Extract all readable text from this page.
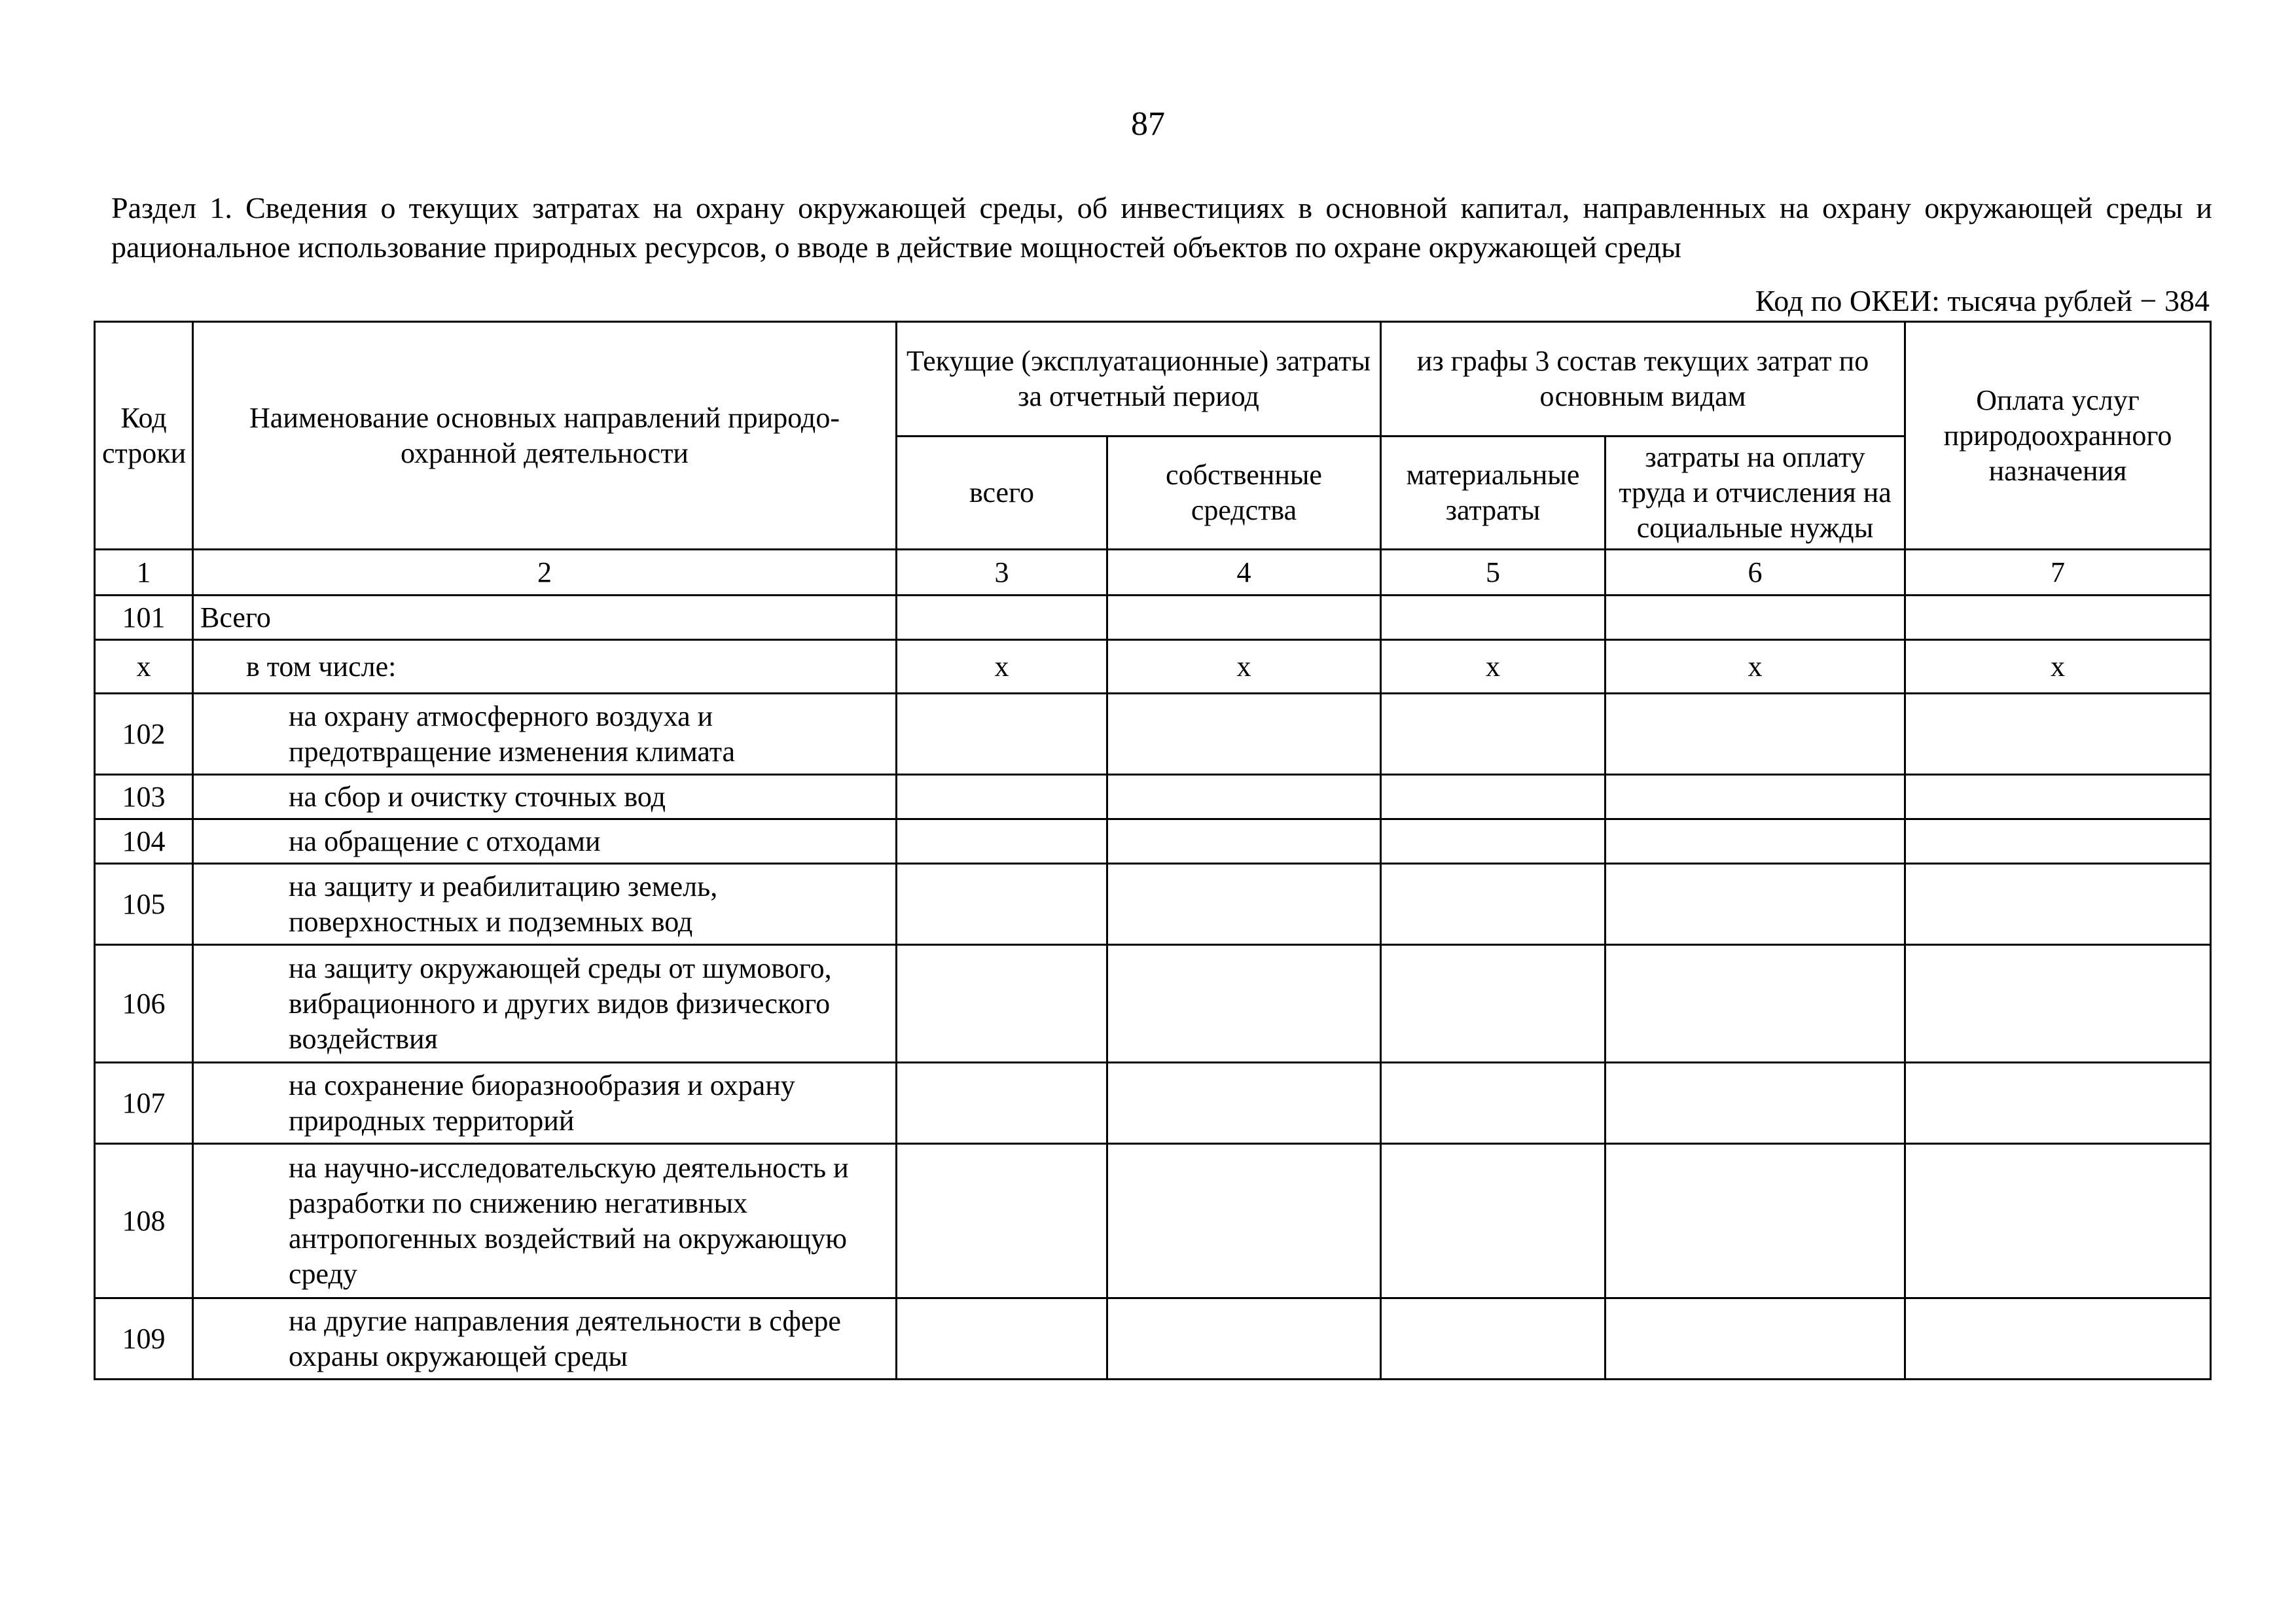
87
Раздел 1. Сведения о текущих затратах на охрану окружающей среды, об инвестициях в основной капитал, направленных на охрану окружающей среды и рациональное использование природных ресурсов, о вводе в действие мощностей объектов по охране окружающей среды
Код по ОКЕИ: тысяча рублей − 384
Код строки	Наименование основных направлений природо-охранной деятельности	Текущие (эксплуатационные) затраты за отчетный период		из графы 3 состав текущих затрат по основным видам		Оплата услуг природоохранного назначения
		всего	собственные средства	материальные затраты	затраты на оплату труда и отчисления на социальные нужды	

1	2	3	4	5	6	7
101	Всего					
х	в том числе:	х	х	х	х	х
102	на охрану атмосферного воздуха и предотвращение изменения климата					
103	на сбор и очистку сточных вод					
104	на обращение с отходами					
105	на защиту и реабилитацию земель, поверхностных и подземных вод					
106	на защиту окружающей среды от шумового, вибрационного и других видов физического воздействия					
107	на сохранение биоразнообразия и охрану природных территорий					
108	на научно-исследовательскую деятельность и разработки по снижению негативных антропогенных воздействий на окружающую среду					
109	на другие направления деятельности в сфере охраны окружающей среды					
